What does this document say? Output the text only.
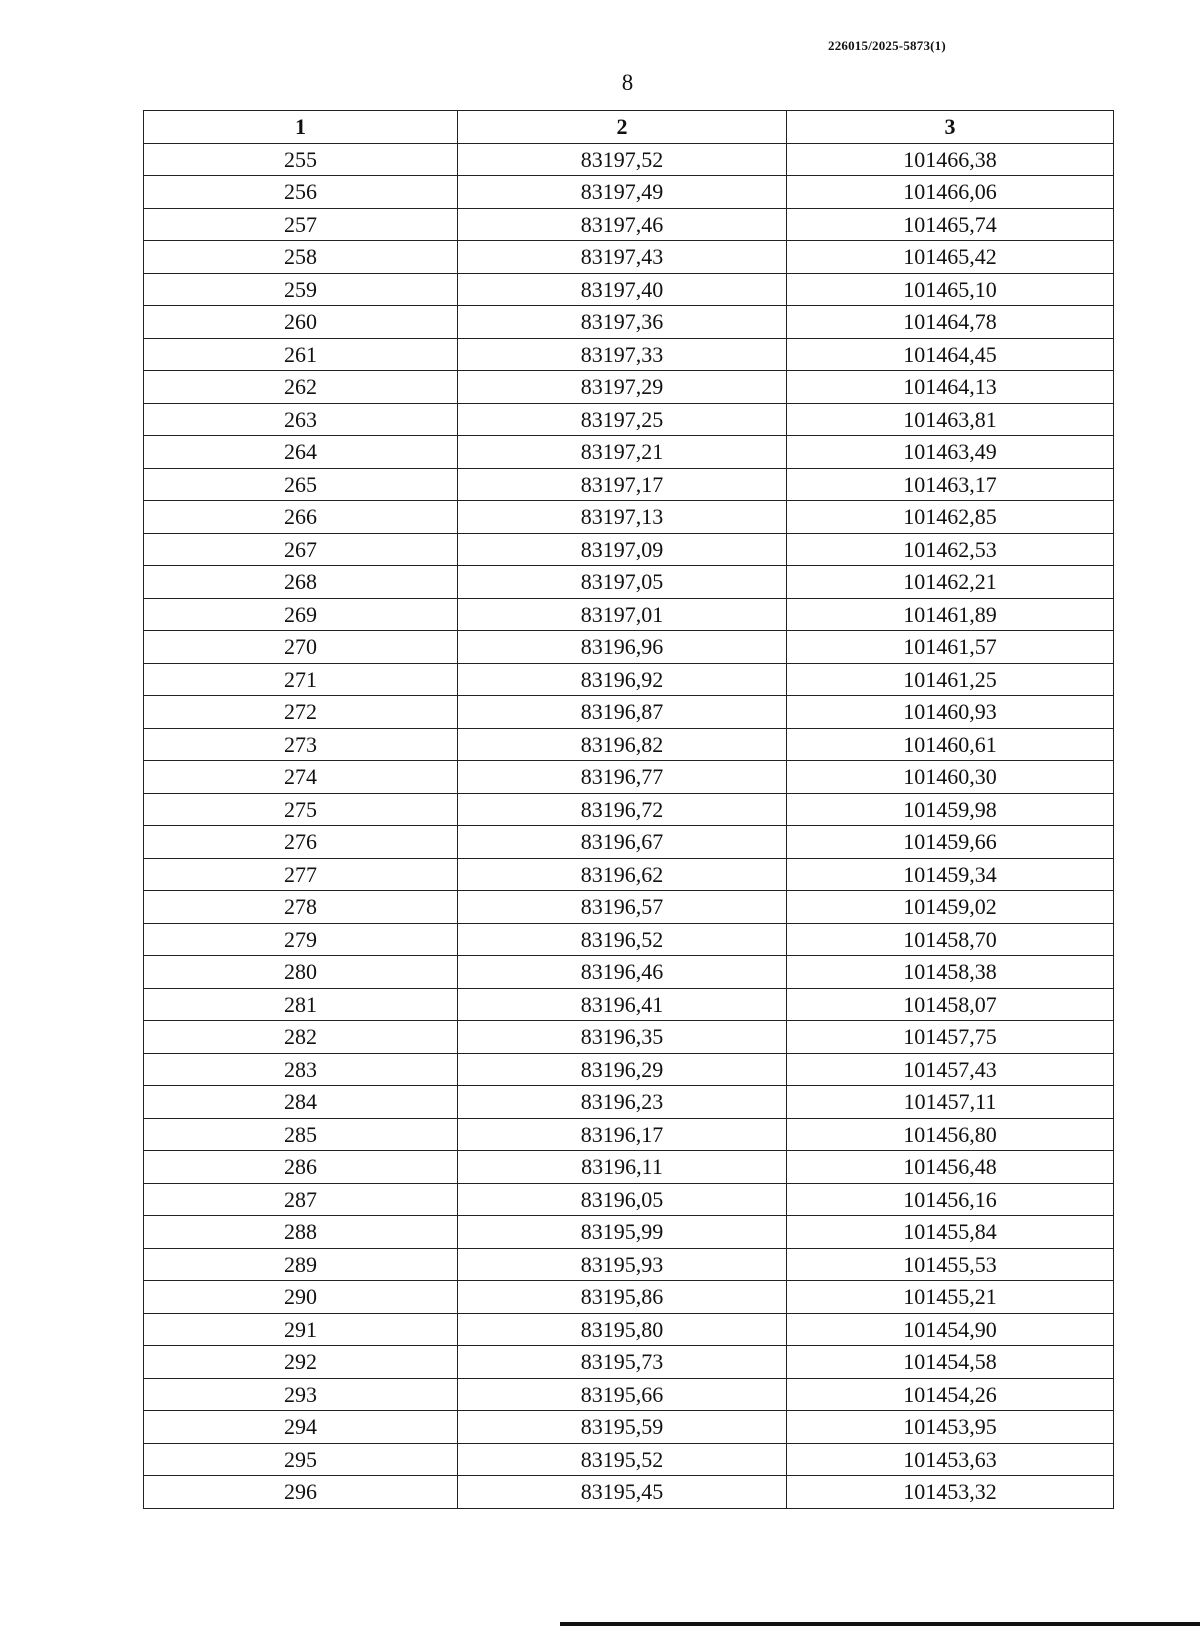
226015/2025-5873(1)
8
1	2	3
255	83197,52	101466,38
256	83197,49	101466,06
257	83197,46	101465,74
258	83197,43	101465,42
259	83197,40	101465,10
260	83197,36	101464,78
261	83197,33	101464,45
262	83197,29	101464,13
263	83197,25	101463,81
264	83197,21	101463,49
265	83197,17	101463,17
266	83197,13	101462,85
267	83197,09	101462,53
268	83197,05	101462,21
269	83197,01	101461,89
270	83196,96	101461,57
271	83196,92	101461,25
272	83196,87	101460,93
273	83196,82	101460,61
274	83196,77	101460,30
275	83196,72	101459,98
276	83196,67	101459,66
277	83196,62	101459,34
278	83196,57	101459,02
279	83196,52	101458,70
280	83196,46	101458,38
281	83196,41	101458,07
282	83196,35	101457,75
283	83196,29	101457,43
284	83196,23	101457,11
285	83196,17	101456,80
286	83196,11	101456,48
287	83196,05	101456,16
288	83195,99	101455,84
289	83195,93	101455,53
290	83195,86	101455,21
291	83195,80	101454,90
292	83195,73	101454,58
293	83195,66	101454,26
294	83195,59	101453,95
295	83195,52	101453,63
296	83195,45	101453,32
